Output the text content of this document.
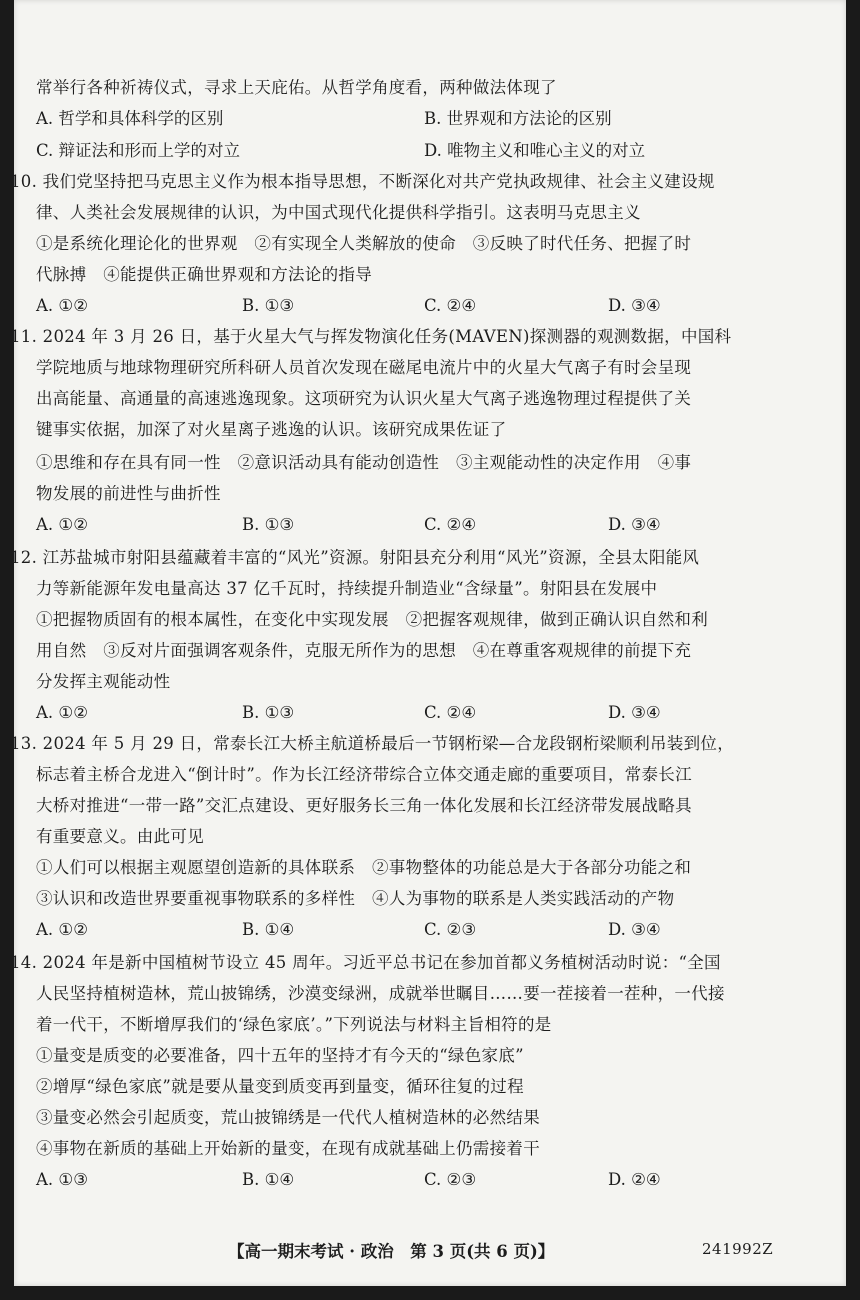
常举行各种祈祷仪式，寻求上天庇佑。从哲学角度看，两种做法体现了
A. 哲学和具体科学的区别	B. 世界观和方法论的区别
C. 辩证法和形而上学的对立	D. 唯物主义和唯心主义的对立
10. 我们党坚持把马克思主义作为根本指导思想，不断深化对共产党执政规律、社会主义建设规
律、人类社会发展规律的认识，为中国式现代化提供科学指引。这表明马克思主义
①是系统化理论化的世界观　②有实现全人类解放的使命　③反映了时代任务、把握了时
代脉搏　④能提供正确世界观和方法论的指导
A. ①②	B. ①③	C. ②④	D. ③④
11. 2024 年 3 月 26 日，基于火星大气与挥发物演化任务(MAVEN)探测器的观测数据，中国科
学院地质与地球物理研究所科研人员首次发现在磁尾电流片中的火星大气离子有时会呈现
出高能量、高通量的高速逃逸现象。这项研究为认识火星大气离子逃逸物理过程提供了关
键事实依据，加深了对火星离子逃逸的认识。该研究成果佐证了
①思维和存在具有同一性　②意识活动具有能动创造性　③主观能动性的决定作用　④事
物发展的前进性与曲折性
A. ①②	B. ①③	C. ②④	D. ③④
12. 江苏盐城市射阳县蕴藏着丰富的“风光”资源。射阳县充分利用“风光”资源，全县太阳能风
力等新能源年发电量高达 37 亿千瓦时，持续提升制造业“含绿量”。射阳县在发展中
①把握物质固有的根本属性，在变化中实现发展　②把握客观规律，做到正确认识自然和利
用自然　③反对片面强调客观条件，克服无所作为的思想　④在尊重客观规律的前提下充
分发挥主观能动性
A. ①②	B. ①③	C. ②④	D. ③④
13. 2024 年 5 月 29 日，常泰长江大桥主航道桥最后一节钢桁梁—合龙段钢桁梁顺利吊装到位，
标志着主桥合龙进入“倒计时”。作为长江经济带综合立体交通走廊的重要项目，常泰长江
大桥对推进“一带一路”交汇点建设、更好服务长三角一体化发展和长江经济带发展战略具
有重要意义。由此可见
①人们可以根据主观愿望创造新的具体联系　②事物整体的功能总是大于各部分功能之和
③认识和改造世界要重视事物联系的多样性　④人为事物的联系是人类实践活动的产物
A. ①②	B. ①④	C. ②③	D. ③④
14. 2024 年是新中国植树节设立 45 周年。习近平总书记在参加首都义务植树活动时说：“全国
人民坚持植树造林，荒山披锦绣，沙漠变绿洲，成就举世瞩目……要一茬接着一茬种，一代接
着一代干，不断增厚我们的‘绿色家底’。”下列说法与材料主旨相符的是
①量变是质变的必要准备，四十五年的坚持才有今天的“绿色家底”
②增厚“绿色家底”就是要从量变到质变再到量变，循环往复的过程
③量变必然会引起质变，荒山披锦绣是一代代人植树造林的必然结果
④事物在新质的基础上开始新的量变，在现有成就基础上仍需接着干
A. ①③	B. ①④	C. ②③	D. ②④
【高一期末考试 · 政治　第 3 页(共 6 页)】	241992Z
